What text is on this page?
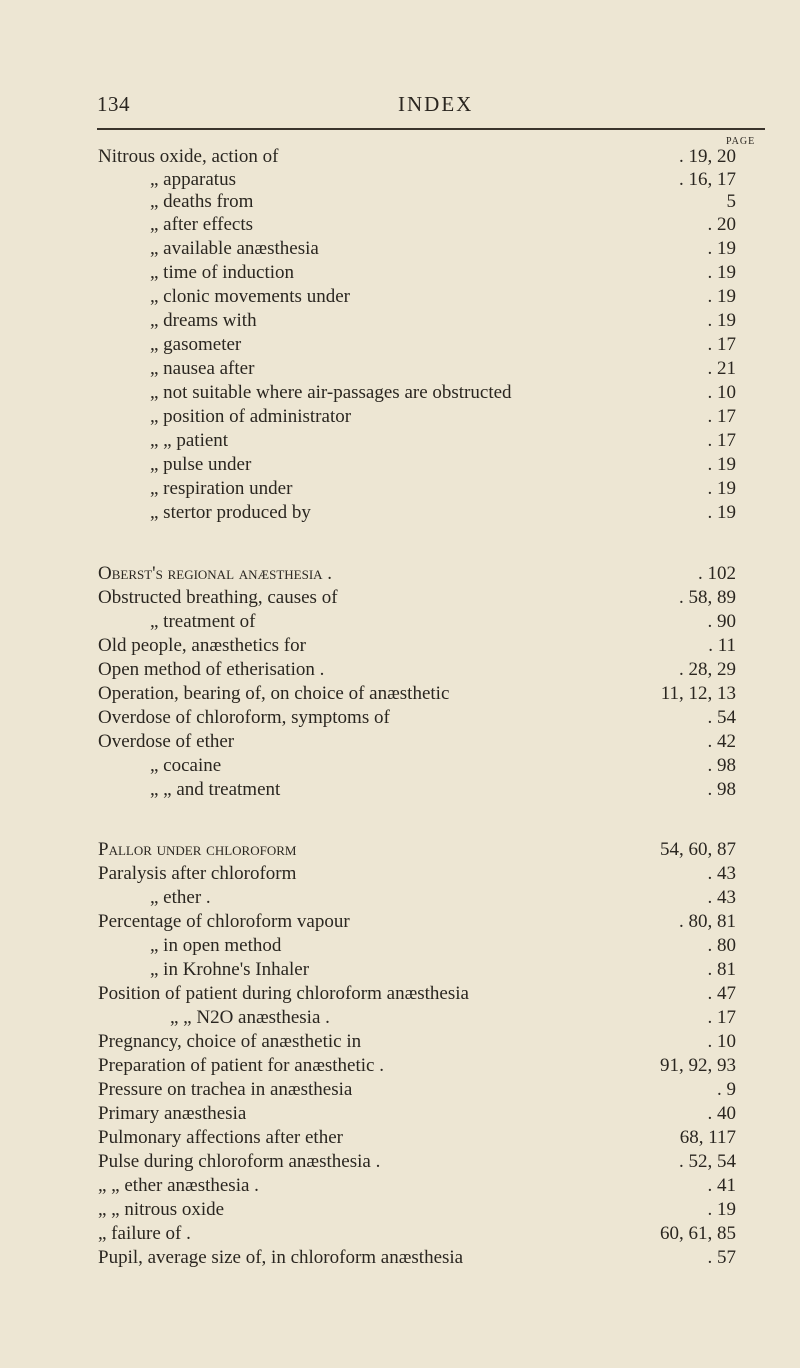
134	INDEX
PAGE
Nitrous oxide, action of	. 19, 20
„ apparatus	. 16, 17
„ deaths from	5
„ after effects	. 20
„ available anæsthesia	. 19
„ time of induction	. 19
„ clonic movements under	. 19
„ dreams with	. 19
„ gasometer	. 17
„ nausea after	. 21
„ not suitable where air-passages are obstructed	. 10
„ position of administrator	. 17
„ „ patient	. 17
„ pulse under	. 19
„ respiration under	. 19
„ stertor produced by	. 19
Oberst's regional anæsthesia .	. 102
Obstructed breathing, causes of	. 58, 89
„ treatment of	. 90
Old people, anæsthetics for	. 11
Open method of etherisation .	. 28, 29
Operation, bearing of, on choice of anæsthetic	11, 12, 13
Overdose of chloroform, symptoms of	. 54
Overdose of ether	. 42
„ cocaine	. 98
„ „ and treatment	. 98
Pallor under chloroform	54, 60, 87
Paralysis after chloroform	. 43
„ ether .	. 43
Percentage of chloroform vapour	. 80, 81
„ in open method	. 80
„ in Krohne's Inhaler	. 81
Position of patient during chloroform anæsthesia	. 47
„ „ N2O anæsthesia .	. 17
Pregnancy, choice of anæsthetic in	. 10
Preparation of patient for anæsthetic .	91, 92, 93
Pressure on trachea in anæsthesia	. 9
Primary anæsthesia	. 40
Pulmonary affections after ether	68, 117
Pulse during chloroform anæsthesia .	. 52, 54
„ „ ether anæsthesia .	. 41
„ „ nitrous oxide	. 19
„ failure of .	60, 61, 85
Pupil, average size of, in chloroform anæsthesia	. 57
